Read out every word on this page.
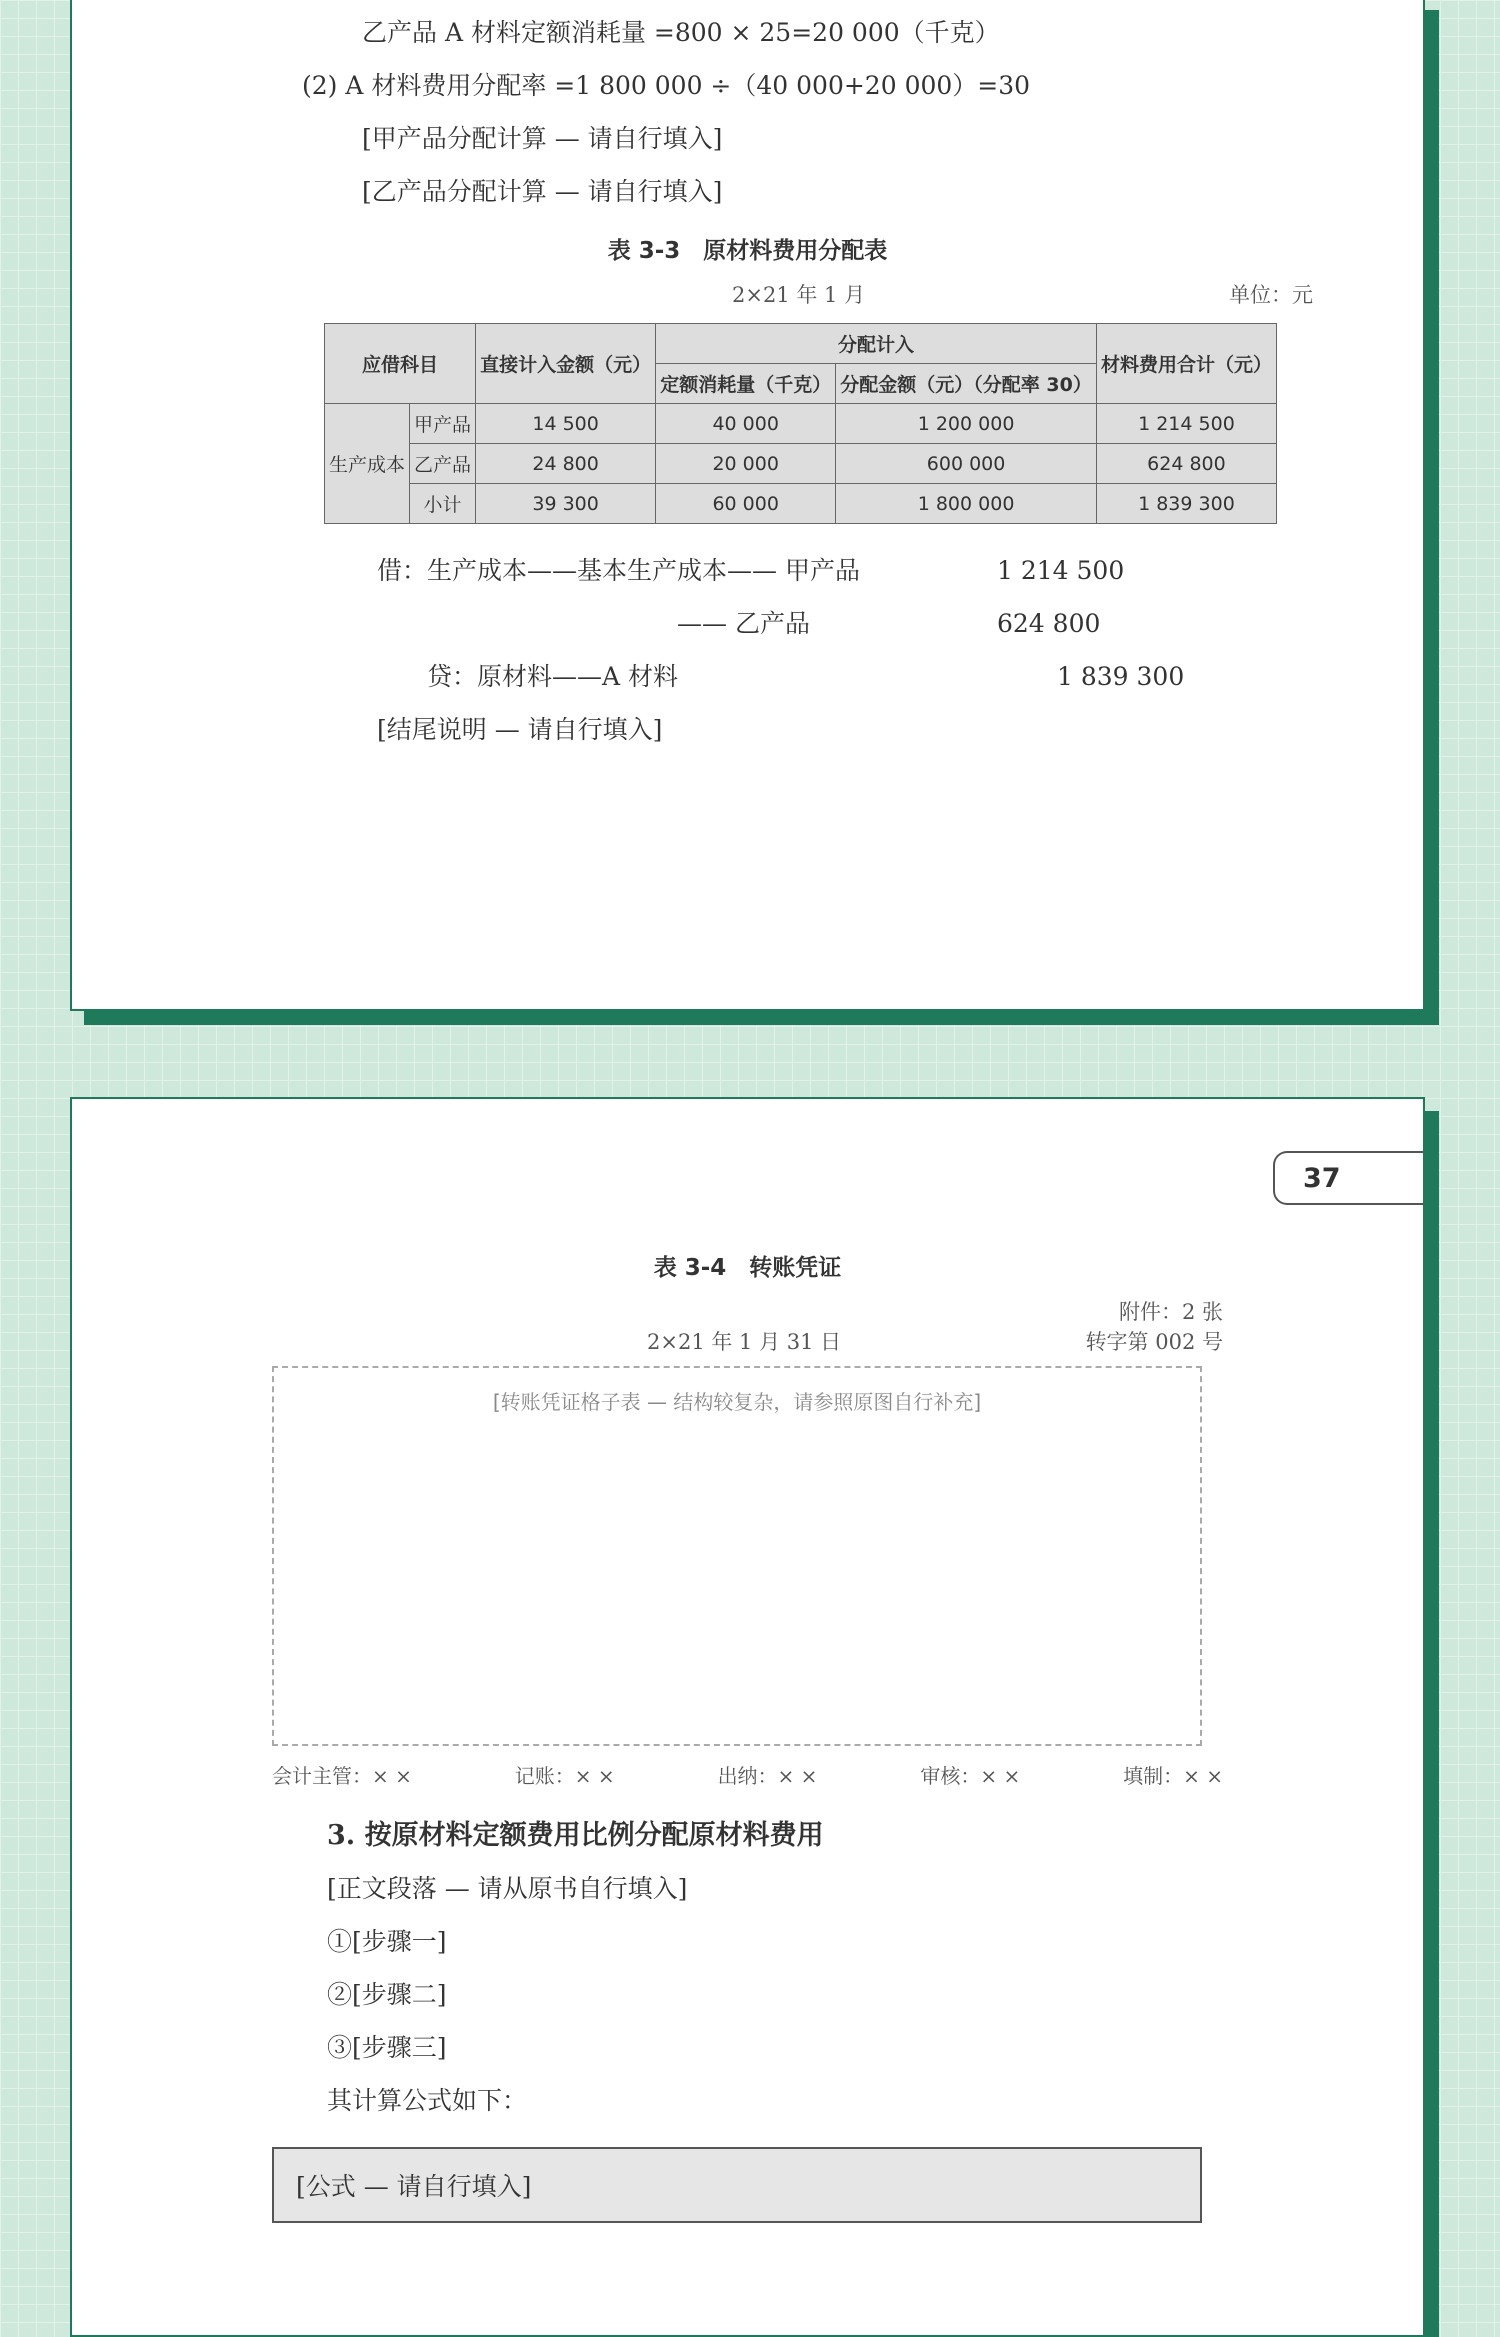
乙产品 A 材料定额消耗量 =800 × 25=20 000（千克）
(2) A 材料费用分配率 =1 800 000 ÷（40 000+20 000）=30
[甲产品分配计算 — 请自行填入]
[乙产品分配计算 — 请自行填入]
表 3-3　原材料费用分配表
2×21 年 1 月	单位：元
应借科目		直接计入金额（元）	分配计入		材料费用合计（元）
			定额消耗量（千克）	分配金额（元）（分配率 30）	
生产成本	甲产品	14 500	40 000	1 200 000	1 214 500
	乙产品	24 800	20 000	600 000	624 800
	小计	39 300	60 000	1 800 000	1 839 300
借：生产成本——基本生产成本—— 甲产品	1 214 500
—— 乙产品	624 800
贷：原材料——A 材料	1 839 300
[结尾说明 — 请自行填入]
37
表 3-4　转账凭证
附件：2 张
2×21 年 1 月 31 日	转字第 002 号
[转账凭证格子表 — 结构较复杂，请参照原图自行补充]
会计主管：× ×	记账：× ×	出纳：× ×	审核：× ×	填制：× ×
3. 按原材料定额费用比例分配原材料费用
[正文段落 — 请从原书自行填入]
①[步骤一]
②[步骤二]
③[步骤三]
其计算公式如下：
[公式 — 请自行填入]
